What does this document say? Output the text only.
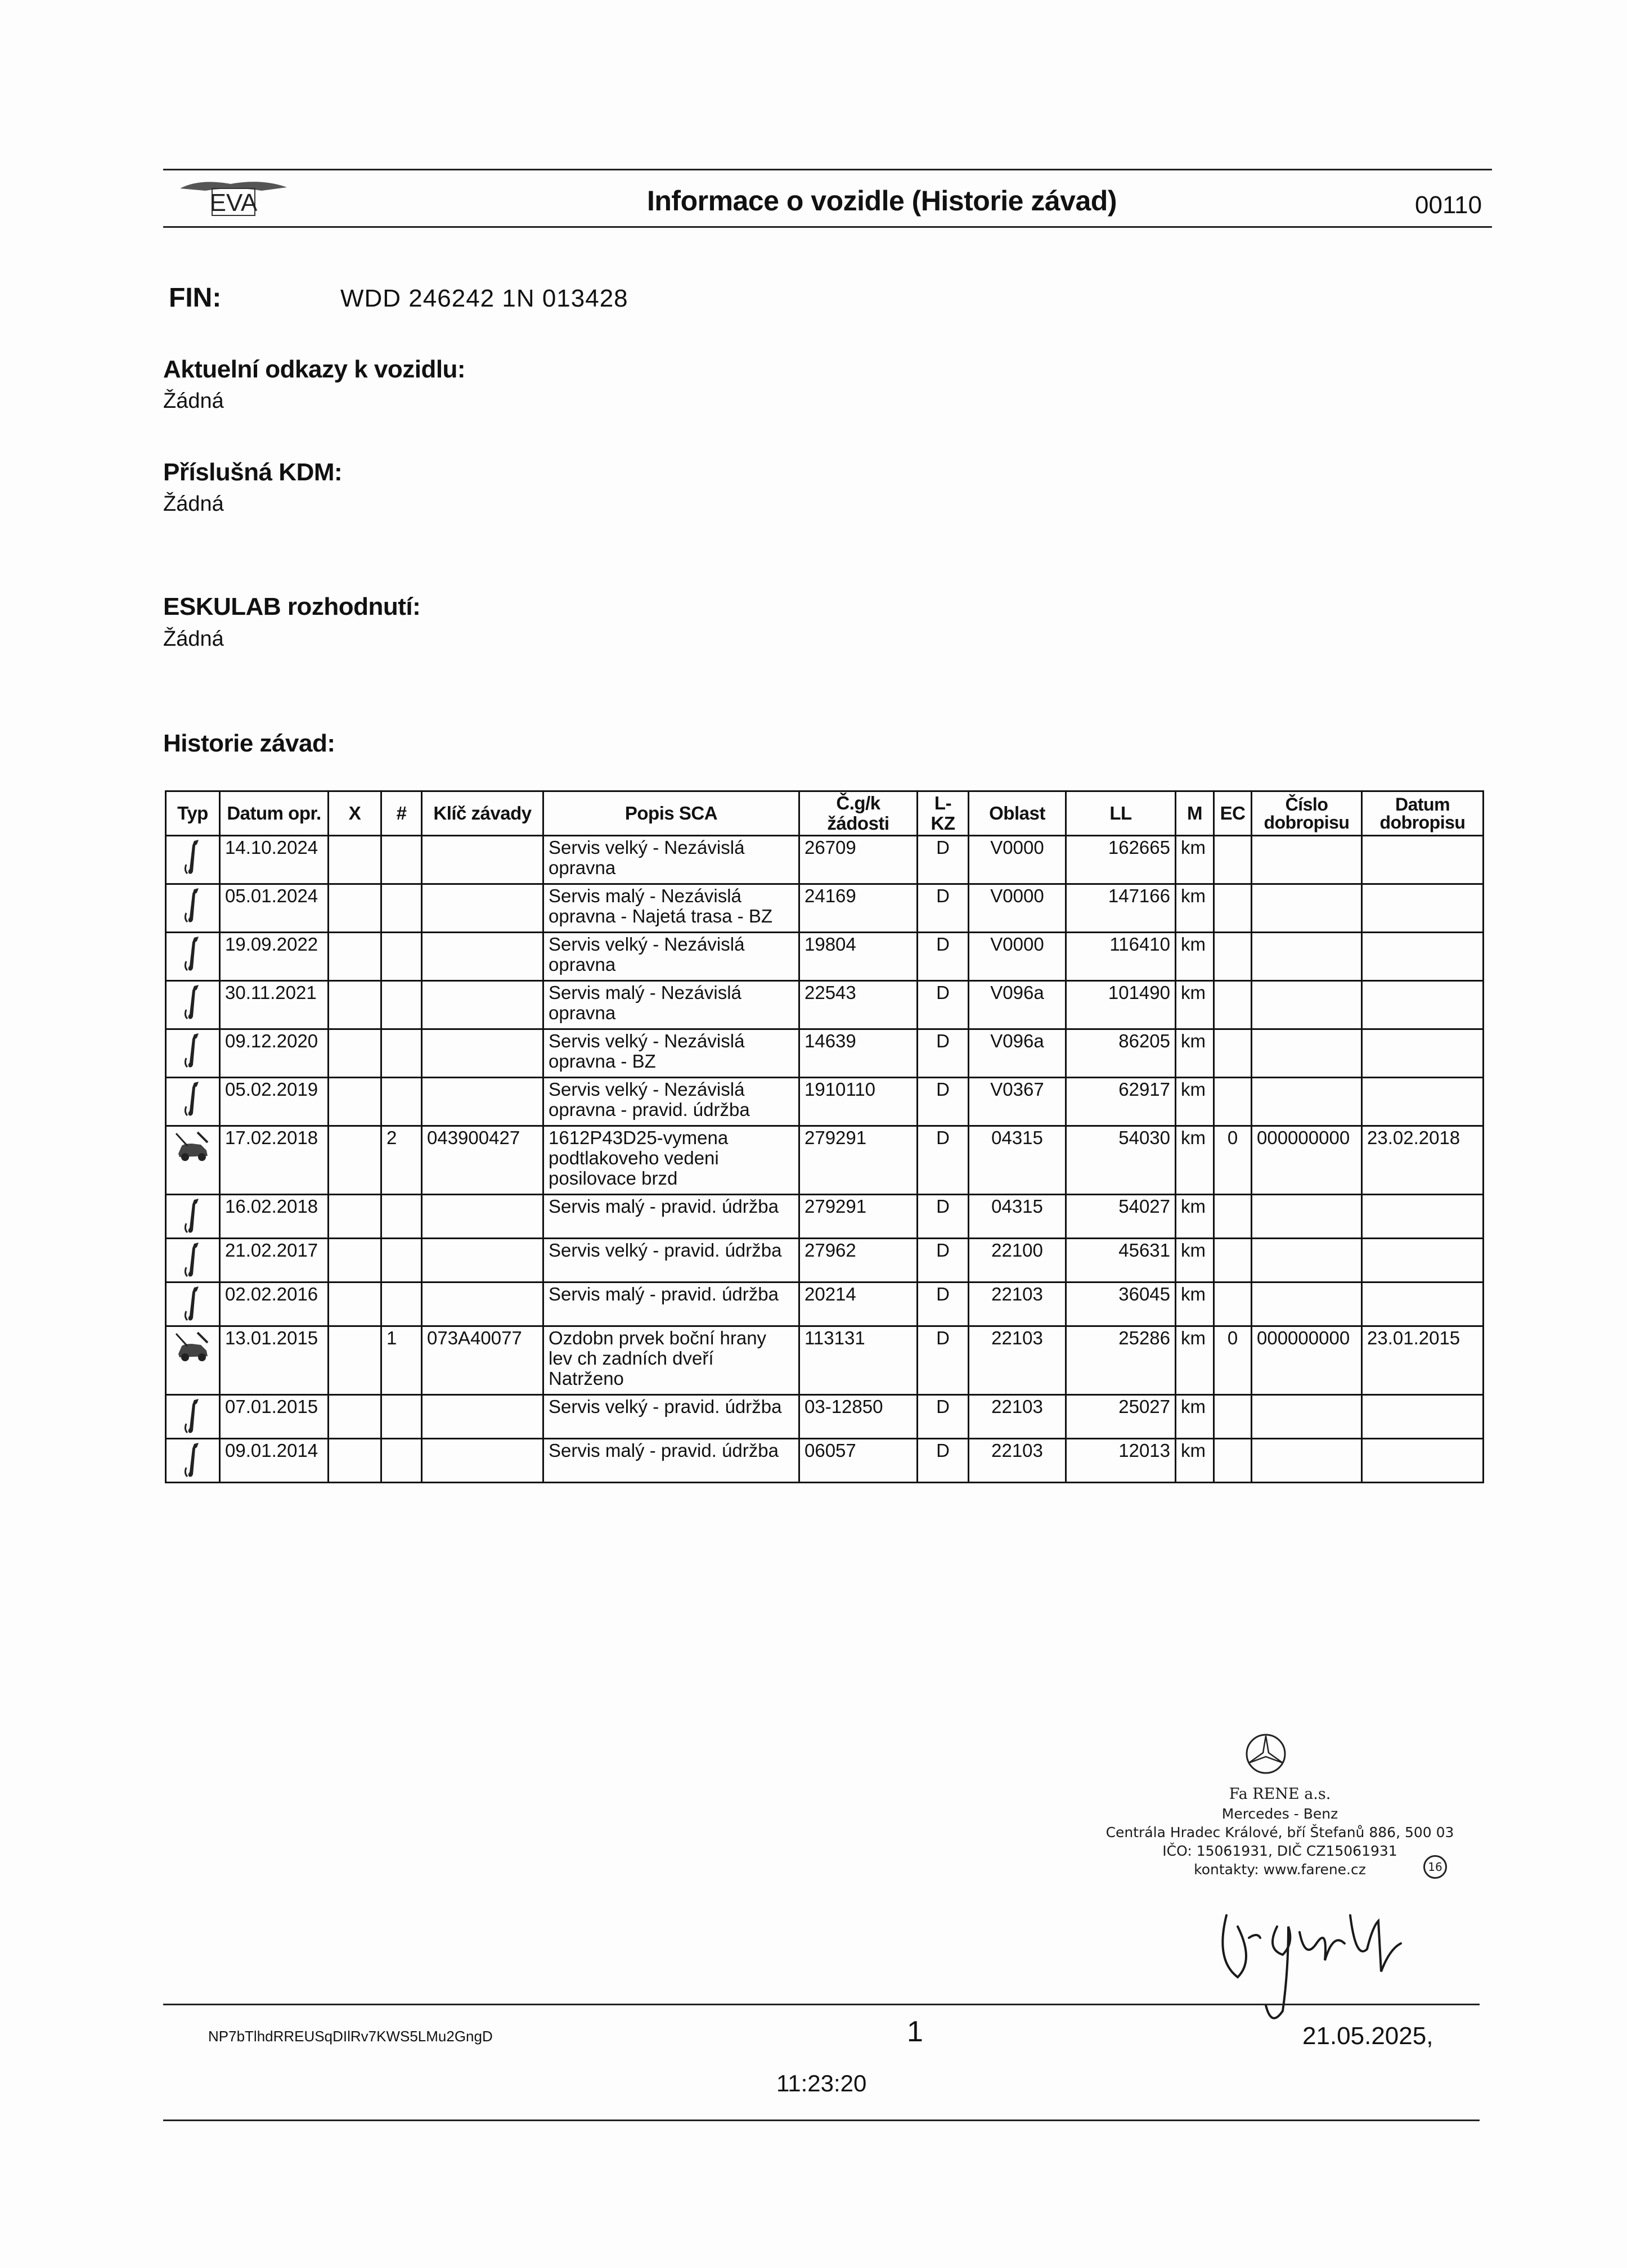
EVA	Informace o vozidle (Historie závad)	00110
FIN:	WDD 246242 1N 013428
Aktuelní odkazy k vozidlu:
Žádná
Příslušná KDM:
Žádná
ESKULAB rozhodnutí:
Žádná
Historie závad:
Typ	Datum opr.	X	#	Klíč závady	Popis SCA	Č.g/k žádosti	L-KZ	Oblast	LL	M	EC	Číslo dobropisu	Datum dobropisu

	14.10.2024				Servis velký - Nezávislá opravna	26709	D	V0000	162665	km			

	05.01.2024				Servis malý - Nezávislá opravna - Najetá trasa - BZ	24169	D	V0000	147166	km			

	19.09.2022				Servis velký - Nezávislá opravna	19804	D	V0000	116410	km			

	30.11.2021				Servis malý - Nezávislá opravna	22543	D	V096a	101490	km			

	09.12.2020				Servis velký - Nezávislá opravna - BZ	14639	D	V096a	86205	km			

	05.02.2019				Servis velký - Nezávislá opravna - pravid. údržba	1910110	D	V0367	62917	km			

	17.02.2018		2	043900427	1612P43D25-vymena podtlakoveho vedeni posilovace brzd	279291	D	04315	54030	km	0	000000000	23.02.2018

	16.02.2018				Servis malý - pravid. údržba	279291	D	04315	54027	km			

	21.02.2017				Servis velký - pravid. údržba	27962	D	22100	45631	km			

	02.02.2016				Servis malý - pravid. údržba	20214	D	22103	36045	km			

	13.01.2015		1	073A40077	Ozdobn prvek boční hrany lev ch zadních dveří Natrženo	113131	D	22103	25286	km	0	000000000	23.01.2015

	07.01.2015				Servis velký - pravid. údržba	03-12850	D	22103	25027	km			

	09.01.2014				Servis malý - pravid. údržba	06057	D	22103	12013	km			
Fa RENE a.s.
Mercedes - Benz
Centrála Hradec Králové, bří Štefanů 886, 500 03
IČO: 15061931, DIČ CZ15061931
kontakty: www.farene.cz	16
NP7bTlhdRREUSqDIlRv7KWS5LMu2GngD	1	21.05.2025,
11:23:20
